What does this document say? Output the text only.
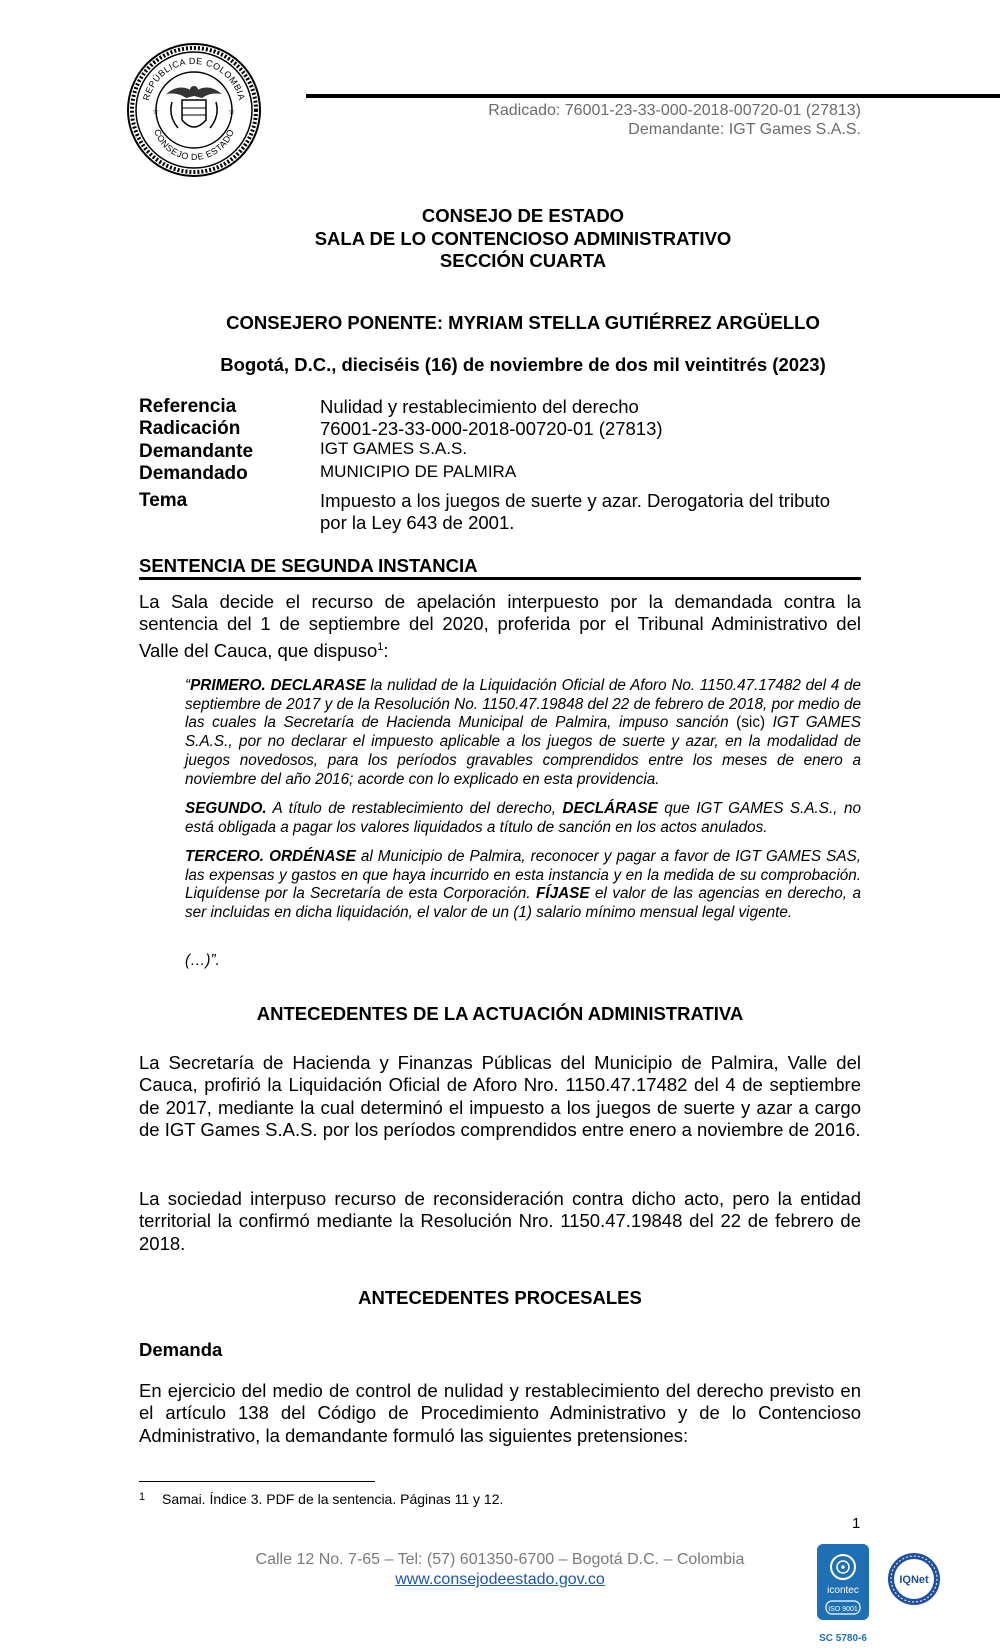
REPÚBLICA DE COLOMBIA
CONSEJO DE ESTADO
☆	☆	Radicado: 76001-23-33-000-2018-00720-01 (27813)
Demandante: IGT Games S.A.S.
CONSEJO DE ESTADO
SALA DE LO CONTENCIOSO ADMINISTRATIVO
SECCIÓN CUARTA
CONSEJERO PONENTE: MYRIAM STELLA GUTIÉRREZ ARGÜELLO
Bogotá, D.C., dieciséis (16) de noviembre de dos mil veintitrés (2023)
Referencia	Nulidad y restablecimiento del derecho
Radicación	76001-23-33-000-2018-00720-01 (27813)
Demandante	IGT GAMES S.A.S.
Demandado	MUNICIPIO DE PALMIRA
Tema	Impuesto a los juegos de suerte y azar. Derogatoria del tributo
por la Ley 643 de 2001.
SENTENCIA DE SEGUNDA INSTANCIA
La Sala decide el recurso de apelación interpuesto por la demandada contra la
sentencia del 1 de septiembre del 2020, proferida por el Tribunal Administrativo del
Valle del Cauca, que dispuso$^1$:
“PRIMERO. DECLARASE la nulidad de la Liquidación Oficial de Aforo No. 1150.47.17482 del 4 de septiembre de 2017 y de la Resolución No. 1150.47.19848 del 22 de febrero de 2018, por medio de las cuales la Secretaría de Hacienda Municipal de Palmira, impuso sanción (sic) IGT GAMES S.A.S., por no declarar el impuesto aplicable a los juegos de suerte y azar, en la modalidad de juegos novedosos, para los períodos gravables comprendidos entre los meses de enero a noviembre del año 2016; acorde con lo explicado en esta providencia.
SEGUNDO. A título de restablecimiento del derecho, DECLÁRASE que IGT GAMES S.A.S., no está obligada a pagar los valores liquidados a título de sanción en los actos anulados.
TERCERO. ORDÉNASE al Municipio de Palmira, reconocer y pagar a favor de IGT GAMES SAS, las expensas y gastos en que haya incurrido en esta instancia y en la medida de su comprobación. Liquídense por la Secretaría de esta Corporación. FÍJASE el valor de las agencias en derecho, a ser incluidas en dicha liquidación, el valor de un (1) salario mínimo mensual legal vigente.
(…)”.
ANTECEDENTES DE LA ACTUACIÓN ADMINISTRATIVA
La Secretaría de Hacienda y Finanzas Públicas del Municipio de Palmira, Valle del Cauca, profirió la Liquidación Oficial de Aforo Nro. 1150.47.17482 del 4 de septiembre de 2017, mediante la cual determinó el impuesto a los juegos de suerte y azar a cargo de IGT Games S.A.S. por los períodos comprendidos entre enero a noviembre de 2016.
La sociedad interpuso recurso de reconsideración contra dicho acto, pero la entidad territorial la confirmó mediante la Resolución Nro. 1150.47.19848 del 22 de febrero de 2018.
ANTECEDENTES PROCESALES
Demanda
En ejercicio del medio de control de nulidad y restablecimiento del derecho previsto en el artículo 138 del Código de Procedimiento Administrativo y de lo Contencioso Administrativo, la demandante formuló las siguientes pretensiones:
1 Samai. Índice 3. PDF de la sentencia. Páginas 11 y 12.
1
Calle 12 No. 7-65 – Tel: (57) 601350-6700 – Bogotá D.C. – Colombia
www.consejodeestado.gov.co
icontec
ISO 9001
SC 5780-6
IQNet
